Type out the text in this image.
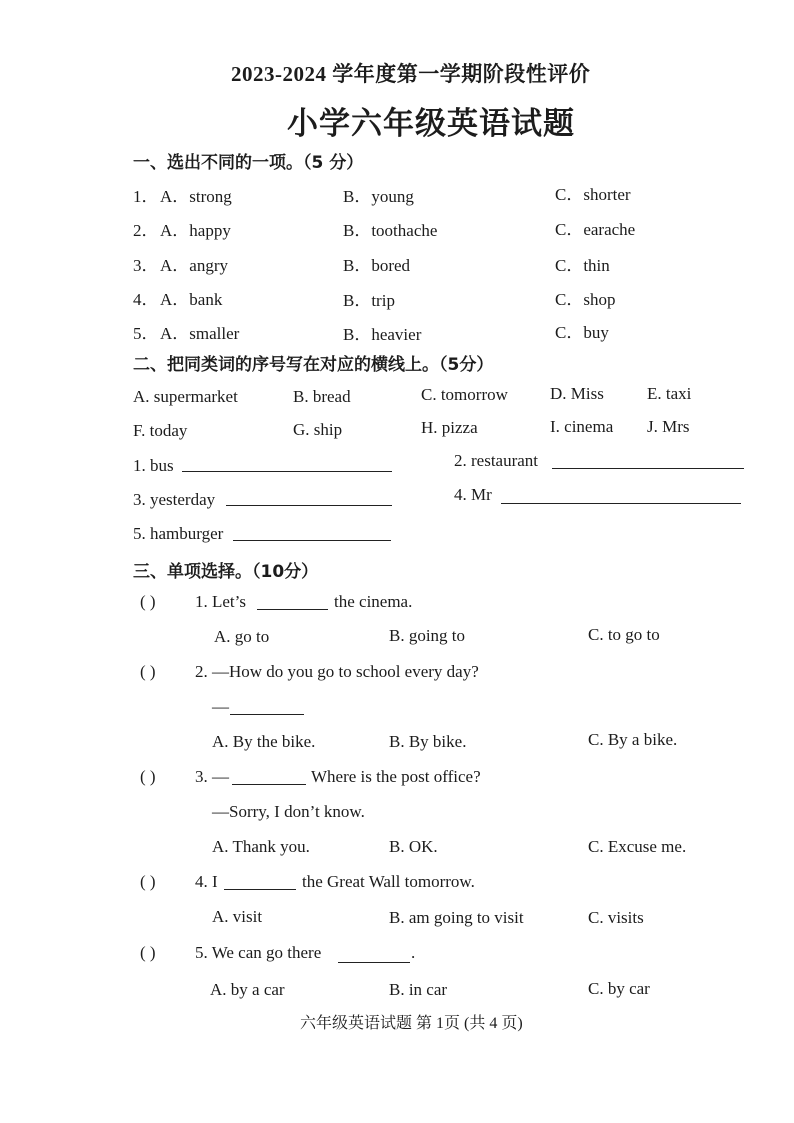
2023-2024 学年度第一学期阶段性评价
小学六年级英语试题
一、选出不同的一项。（5 分）
1． A．strong	B．young	C．shorter
2． A．happy	B．toothache	C．earache
3． A．angry	B．bored	C．thin
4． A．bank	B．trip	C．shop
5． A．smaller	B．heavier	C．buy
二、把同类词的序号写在对应的横线上。（5分）
A. supermarket	B. bread	C. tomorrow D. Miss	E. taxi
F. today	G. ship	H. pizza	I. cinema J. Mrs
1. bus	2. restaurant
3. yesterday	4. Mr
5. hamburger
三、单项选择。（10分）
( ) 1. Let’s	the cinema.
A. go to	B. going to	C. to go to
( ) 2. —How do you go to school every day?
—
A. By the bike.	B. By bike.	C. By a bike.
( ) 3. —	Where is the post office?
—Sorry, I don’t know.
A. Thank you.	B. OK.	C. Excuse me.
( ) 4. I	the Great Wall tomorrow.
A. visit	B. am going to visit	C. visits
( ) 5. We can go there	.
A. by a car	B. in car	C. by car
六年级英语试题 第 1页 (共 4 页)
